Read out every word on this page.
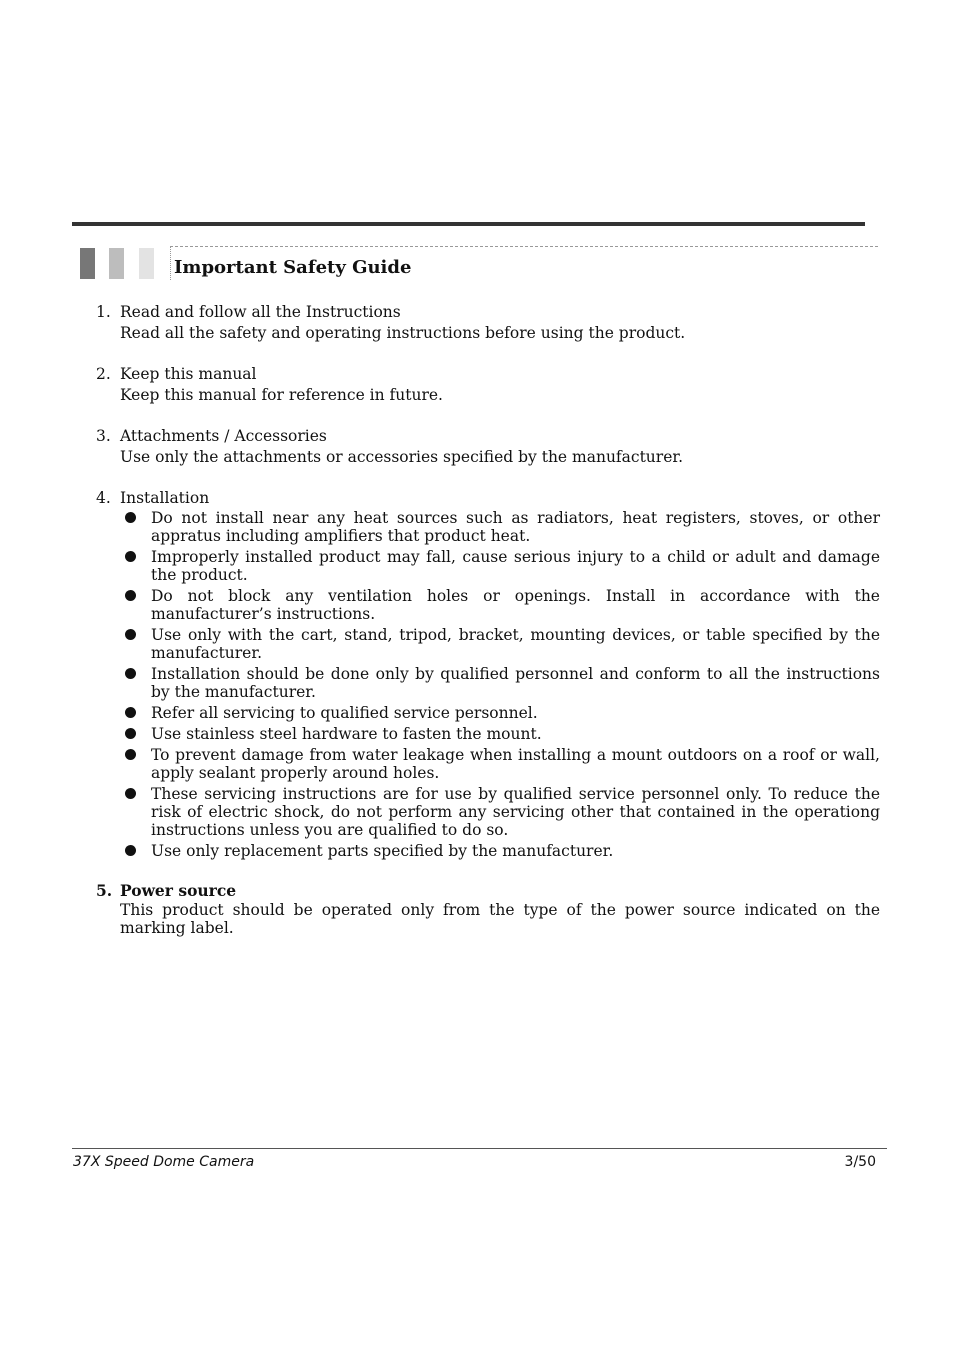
Important Safety Guide
1. Read and follow all the Instructions
Read all the safety and operating instructions before using the product.
2. Keep this manual
Keep this manual for reference in future.
3. Attachments / Accessories
Use only the attachments or accessories specified by the manufacturer.
4. Installation
Do not install near any heat sources such as radiators, heat registers, stoves, or other appratus including amplifiers that product heat.
Improperly installed product may fall, cause serious injury to a child or adult and damage the product.
Do not block any ventilation holes or openings. Install in accordance with the manufacturer’s instructions.
Use only with the cart, stand, tripod, bracket, mounting devices, or table specified by the manufacturer.
Installation should be done only by qualified personnel and conform to all the instructions by the manufacturer.
Refer all servicing to qualified service personnel.
Use stainless steel hardware to fasten the mount.
To prevent damage from water leakage when installing a mount outdoors on a roof or wall, apply sealant properly around holes.
These servicing instructions are for use by qualified service personnel only. To reduce the risk of electric shock, do not perform any servicing other that contained in the operationg instructions unless you are qualified to do so.
Use only replacement parts specified by the manufacturer.
5. Power source
This product should be operated only from the type of the power source indicated on the marking label.
37X Speed Dome Camera	3/50
